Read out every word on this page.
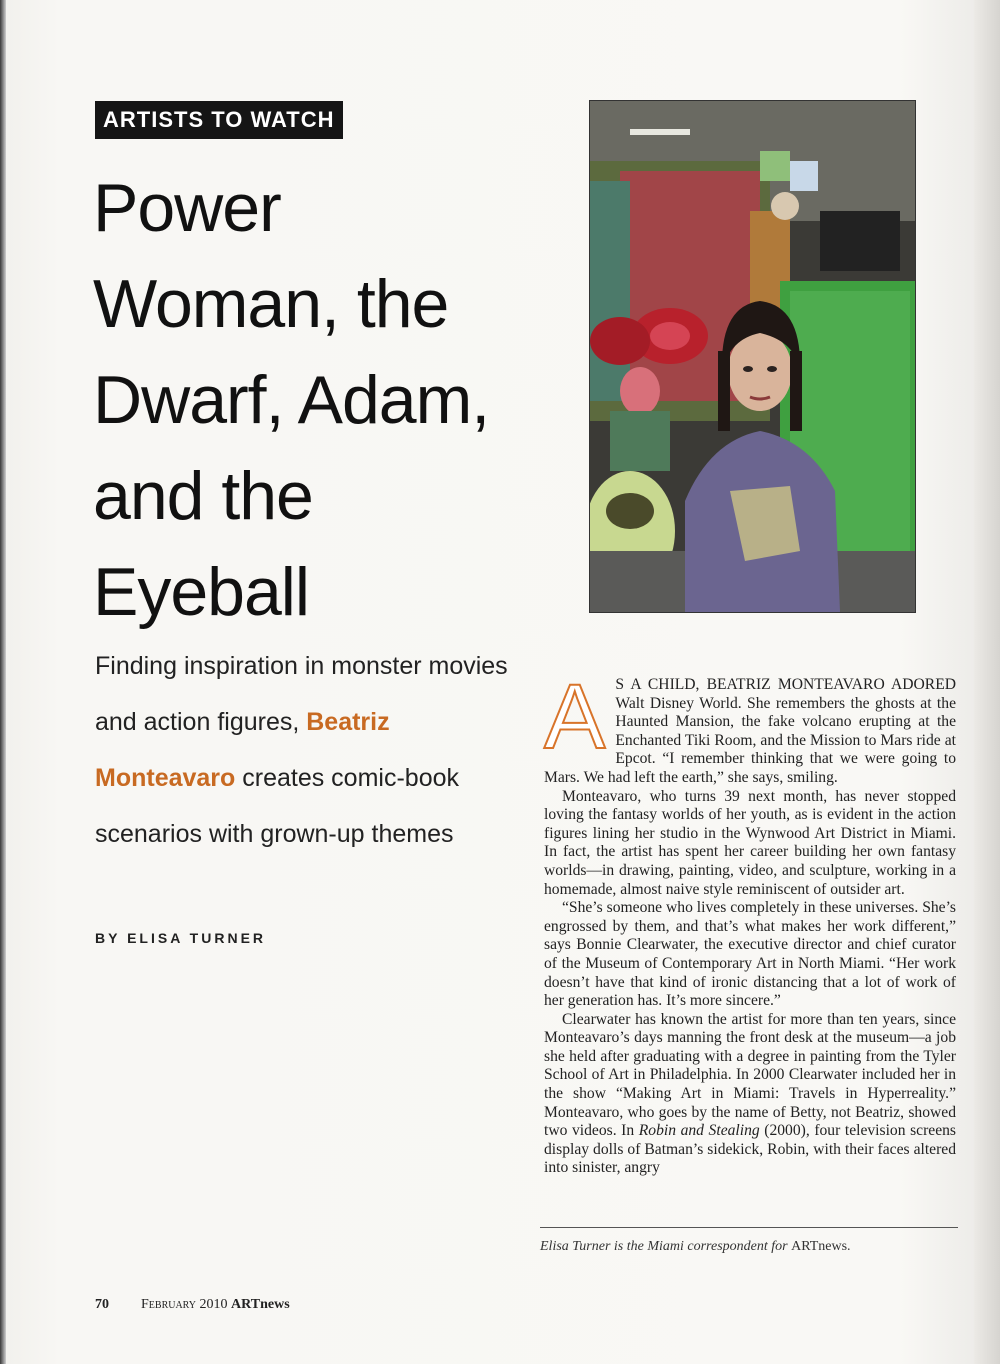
ARTISTS TO WATCH
Power Woman, the Dwarf, Adam, and the Eyeball

Finding inspiration in monster movies and action figures, Beatriz Monteavaro creates comic-book scenarios with grown-up themes

BY ELISA TURNER

A S A CHILD, BEATRIZ MONTEAVARO ADORED Walt Disney World. She remembers the ghosts at the Haunted Mansion, the fake volcano erupting at the Enchanted Tiki Room, and the Mission to Mars ride at Epcot. “I remember thinking that we were going to Mars. We had left the earth,” she says, smiling.

Monteavaro, who turns 39 next month, has never stopped loving the fantasy worlds of her youth, as is evident in the action figures lining her studio in the Wynwood Art District in Miami. In fact, the artist has spent her career building her own fantasy worlds—in drawing, painting, video, and sculpture, working in a homemade, almost naive style reminiscent of outsider art.

“She’s someone who lives completely in these universes. She’s engrossed by them, and that’s what makes her work different,” says Bonnie Clearwater, the executive director and chief curator of the Museum of Contemporary Art in North Miami. “Her work doesn’t have that kind of ironic distancing that a lot of work of her generation has. It’s more sincere.”

Clearwater has known the artist for more than ten years, since Monteavaro’s days manning the front desk at the museum—a job she held after graduating with a degree in painting from the Tyler School of Art in Philadelphia. In 2000 Clearwater included her in the show “Making Art in Miami: Travels in Hyperreality.” Monteavaro, who goes by the name of Betty, not Beatriz, showed two videos. In Robin and Stealing (2000), four television screens display dolls of Batman’s sidekick, Robin, with their faces altered into sinister, angry

Elisa Turner is the Miami correspondent for ARTnews.
70 February 2010 ARTnews
